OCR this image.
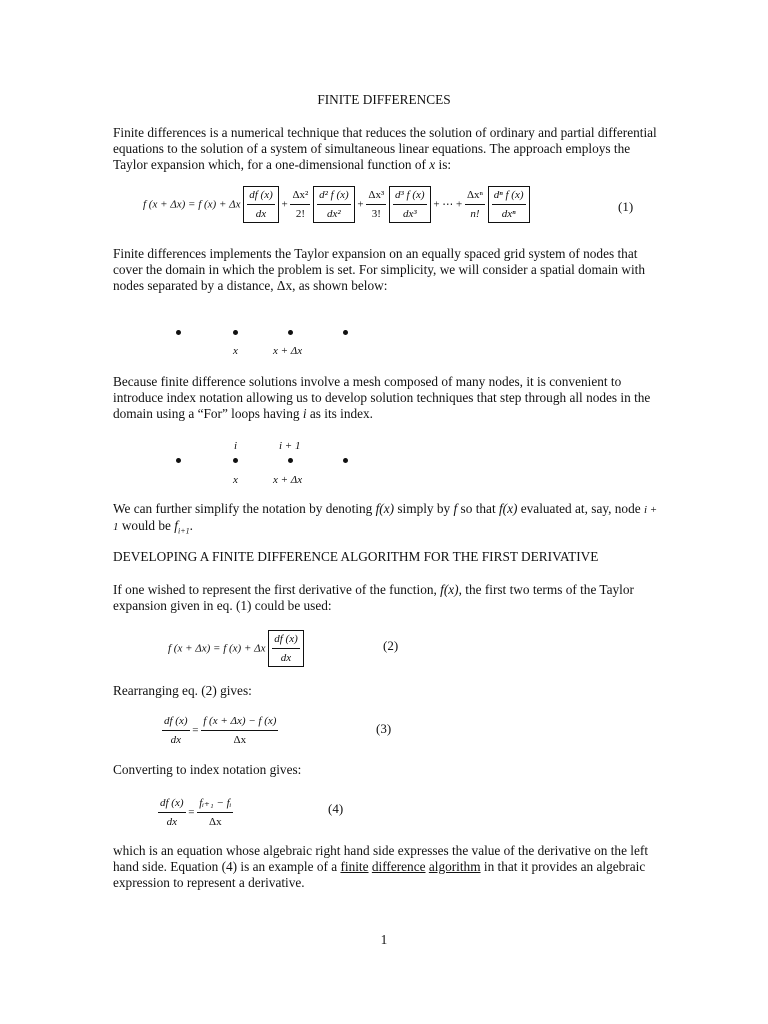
FINITE DIFFERENCES
Finite differences is a numerical technique that reduces the solution of ordinary and partial differential equations to the solution of a system of simultaneous linear equations. The approach employs the Taylor expansion which, for a one-dimensional function of x is:
f (x + Δx) = f (x) + Δx $\frac{df (x)}{dx} + \frac{\text{Δx²}}{2!}$
$\frac{\text{d² f (x)}}{\text{dx²}} + \frac{\text{Δx³}}{3!}$
$\frac{\text{d³ f (x)}}{\text{dx³}}$ + ⋯ + $\frac{\text{Δxⁿ}}{n!}$
$\frac{\text{dⁿ f (x)}}{\text{dxⁿ}}$	(1)
Finite differences implements the Taylor expansion on an equally spaced grid system of nodes that cover the domain in which the problem is set. For simplicity, we will consider a spatial domain with nodes separated by a distance, Δx, as shown below:
x	x + Δx
Because finite difference solutions involve a mesh composed of many nodes, it is convenient to introduce index notation allowing us to develop solution techniques that step through all nodes in the domain using a “For” loops having i as its index.
i	i + 1
x	x + Δx
We can further simplify the notation by denoting f(x) simply by f so that f(x) evaluated at, say, node i + 1 would be $f_{i+1}$.
DEVELOPING A FINITE DIFFERENCE ALGORITHM FOR THE FIRST DERIVATIVE
If one wished to represent the first derivative of the function, f(x), the first two terms of the Taylor expansion given in eq. (1) could be used:
f (x + Δx) = f (x) + Δx $\frac{df (x)}{dx}$	(2)
Rearranging eq. (2) gives:
$\frac{df (x)}{dx} = \frac{f (x + \Delta x) - f (x)}{\Delta x}$	(3)
Converting to index notation gives:
$\frac{df (x)}{dx} = \frac{\text{fᵢ₊₁ − fᵢ}}{\Delta x}$	(4)
which is an equation whose algebraic right hand side expresses the value of the derivative on the left hand side. Equation (4) is an example of a finite difference algorithm in that it provides an algebraic expression to represent a derivative.
1
